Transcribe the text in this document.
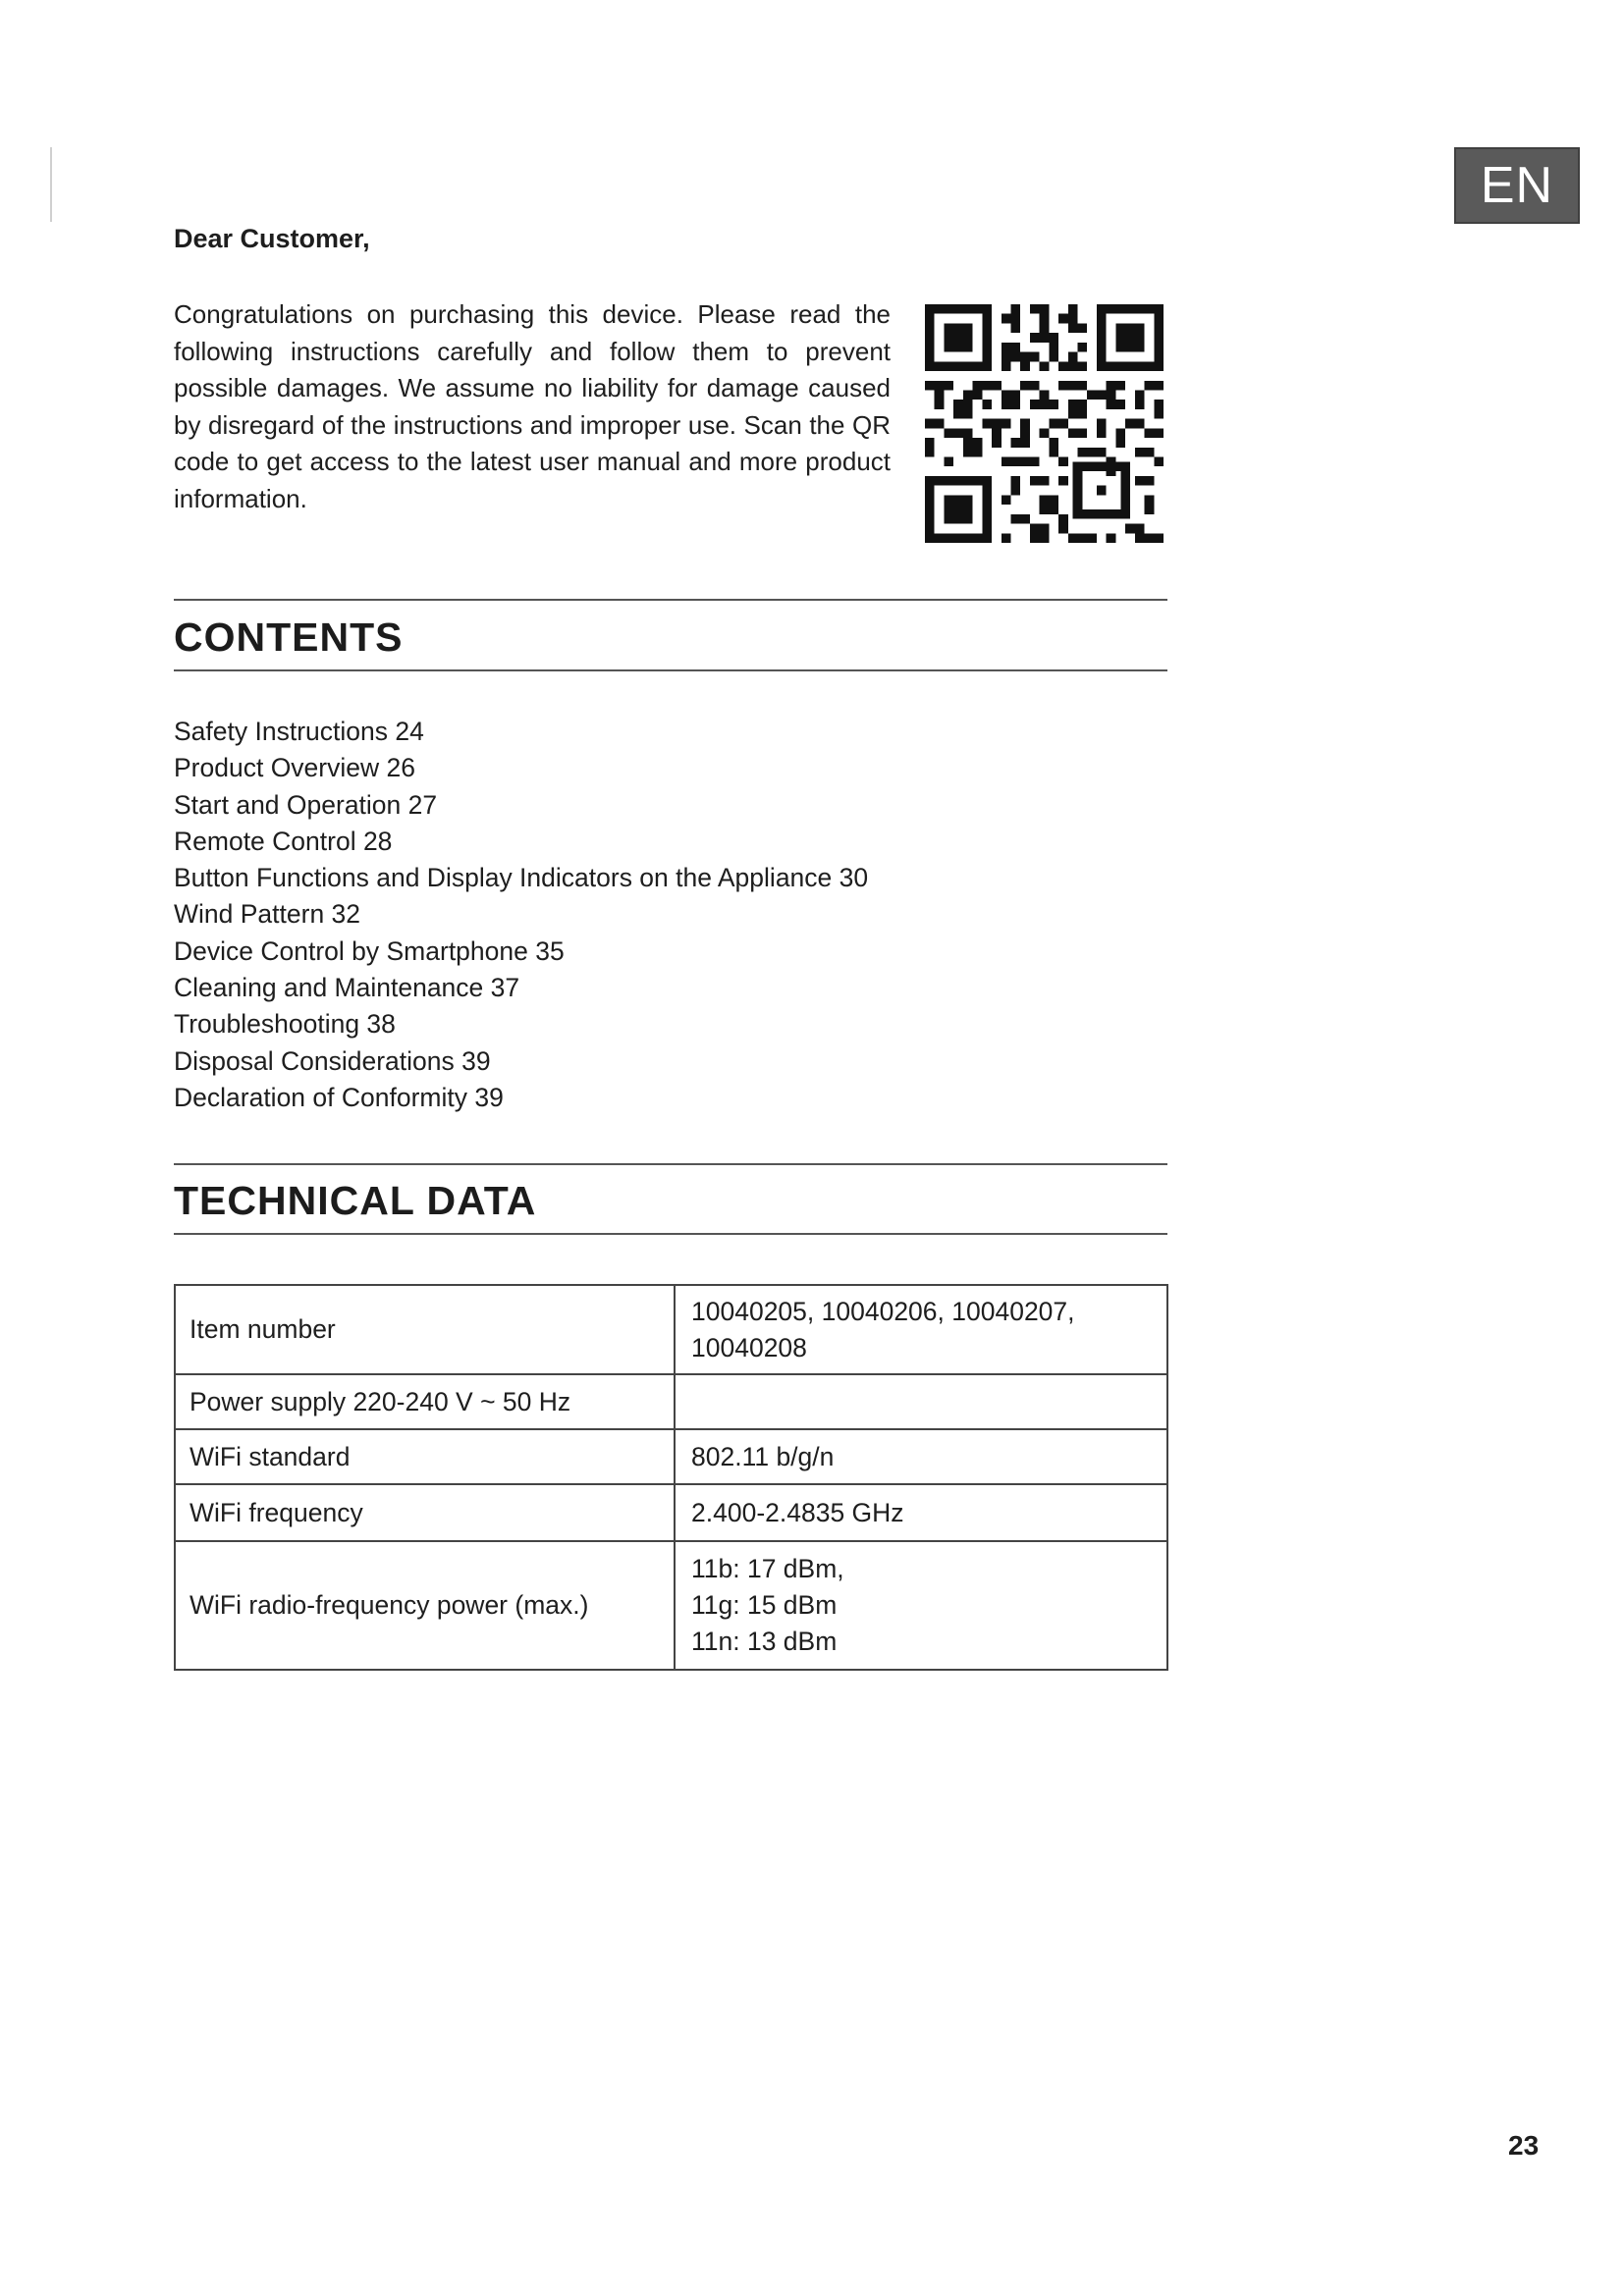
EN
Dear Customer,

Congratulations on purchasing this device. Please read the following instructions carefully and follow them to prevent possible damages. We assume no liability for damage caused by disregard of the instructions and improper use. Scan the QR code to get access to the latest user manual and more product information.

CONTENTS
Safety Instructions 24
Product Overview 26
Start and Operation 27
Remote Control 28
Button Functions and Display Indicators on the Appliance 30
Wind Pattern 32
Device Control by Smartphone 35
Cleaning and Maintenance 37
Troubleshooting 38
Disposal Considerations 39
Declaration of Conformity 39
TECHNICAL DATA
Item number	10040205, 10040206, 10040207,
10040208

Power supply 220-240 V ~ 50 Hz	
WiFi standard	802.11 b/g/n

WiFi frequency	2.400-2.4835 GHz

WiFi radio-frequency power (max.)	11b: 17 dBm,
11g: 15 dBm
11n: 13 dBm
23
